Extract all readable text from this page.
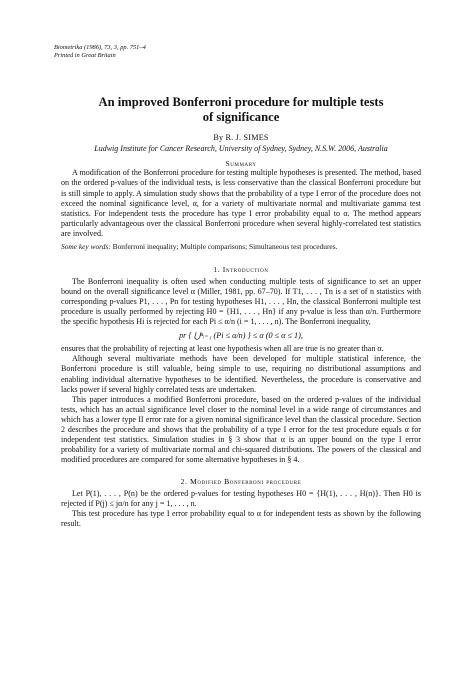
Biometrika (1986), 73, 3, pp. 751–4
Printed in Great Britain
An improved Bonferroni procedure for multiple tests
of significance
By R. J. SIMES
Ludwig Institute for Cancer Research, University of Sydney, Sydney, N.S.W. 2006, Australia
Summary

A modification of the Bonferroni procedure for testing multiple hypotheses is presented. The method, based on the ordered p-values of the individual tests, is less conservative than the classical Bonferroni procedure but is still simple to apply. A simulation study shows that the probability of a type I error of the procedure does not exceed the nominal significance level, α, for a variety of multivariate normal and multivariate gamma test statistics. For independent tests the procedure has type I error probability equal to α. The method appears particularly advantageous over the classical Bonferroni procedure when several highly-correlated test statistics are involved.

Some key words: Bonferroni inequality; Multiple comparisons; Simultaneous test procedures.

1. Introduction

The Bonferroni inequality is often used when conducting multiple tests of significance to set an upper bound on the overall significance level α (Miller, 1981, pp. 67–70). If T1, . . . , Tn is a set of n statistics with corresponding p-values P1, . . . , Pn for testing hypotheses H1, . . . , Hn, the classical Bonferroni multiple test procedure is usually performed by rejecting H0 = {H1, . . . , Hn} if any p-value is less than α/n. Furthermore the specific hypothesis Hi is rejected for each Pi ≤ α/n (i = 1, . . . , n). The Bonferroni inequality,

pr { ⋃ⁿᵢ₌₁ (Pi ≤ α/n) } ≤ α (0 ≤ α ≤ 1),

ensures that the probability of rejecting at least one hypothesis when all are true is no greater than α.

Although several multivariate methods have been developed for multiple statistical inference, the Bonferroni procedure is still valuable, being simple to use, requiring no distributional assumptions and enabling individual alternative hypotheses to be identified. Nevertheless, the procedure is conservative and lacks power if several highly correlated tests are undertaken.

This paper introduces a modified Bonferroni procedure, based on the ordered p-values of the individual tests, which has an actual significance level closer to the nominal level in a wide range of circumstances and which has a lower type II error rate for a given nominal significance level than the classical procedure. Section 2 describes the procedure and shows that the probability of a type I error for the test procedure equals α for independent test statistics. Simulation studies in § 3 show that α is an upper bound on the type I error probability for a variety of multivariate normal and chi-squared distributions. The powers of the classical and modified procedures are compared for some alternative hypotheses in § 4.

2. Modified Bonferroni procedure

Let P(1), . . . , P(n) be the ordered p-values for testing hypotheses H0 = {H(1), . . . , H(n)}. Then H0 is rejected if P(j) ≤ jα/n for any j = 1, . . . , n.

This test procedure has type I error probability equal to α for independent tests as shown by the following result.
